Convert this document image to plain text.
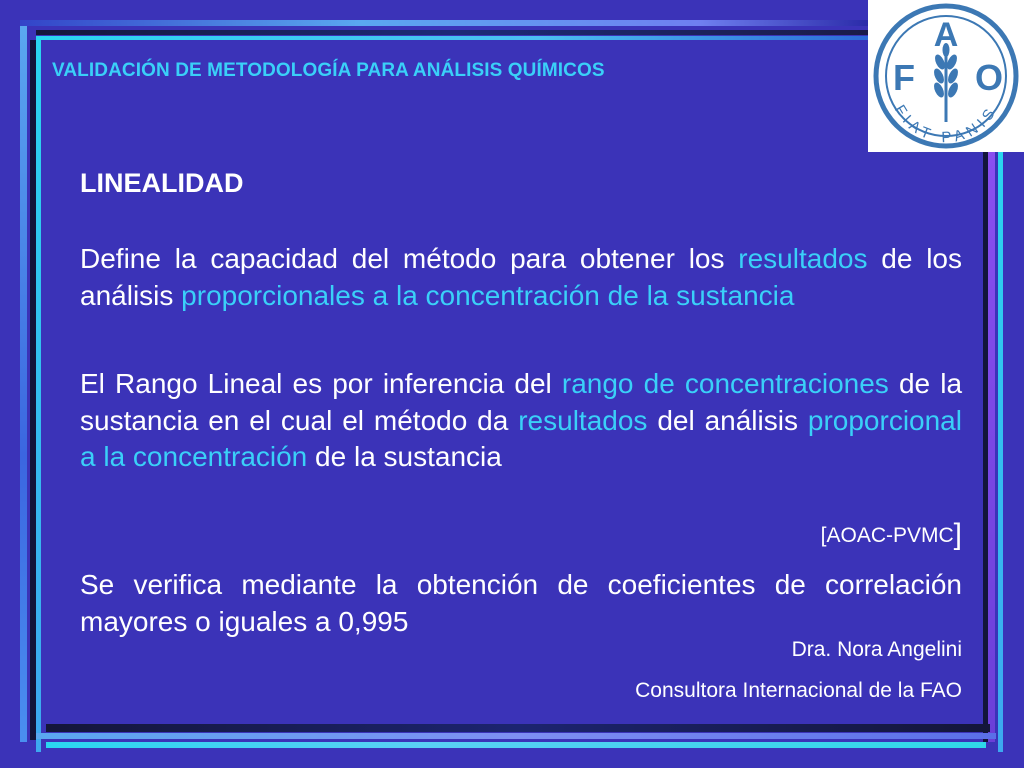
F
A
O
FIAT PANIS
VALIDACIÓN DE METODOLOGÍA PARA ANÁLISIS QUÍMICOS
LINEALIDAD

Define la capacidad del método para obtener los resultados de los análisis proporcionales a la concentración de la sustancia

El Rango Lineal es por inferencia del rango de concentraciones de la sustancia en el cual el método da resultados del análisis proporcional a la concentración de la sustancia

[AOAC-PVMC]

Se verifica mediante la obtención de coeficientes de correlación mayores o iguales a 0,995

Dra. Nora Angelini

Consultora Internacional de la FAO
